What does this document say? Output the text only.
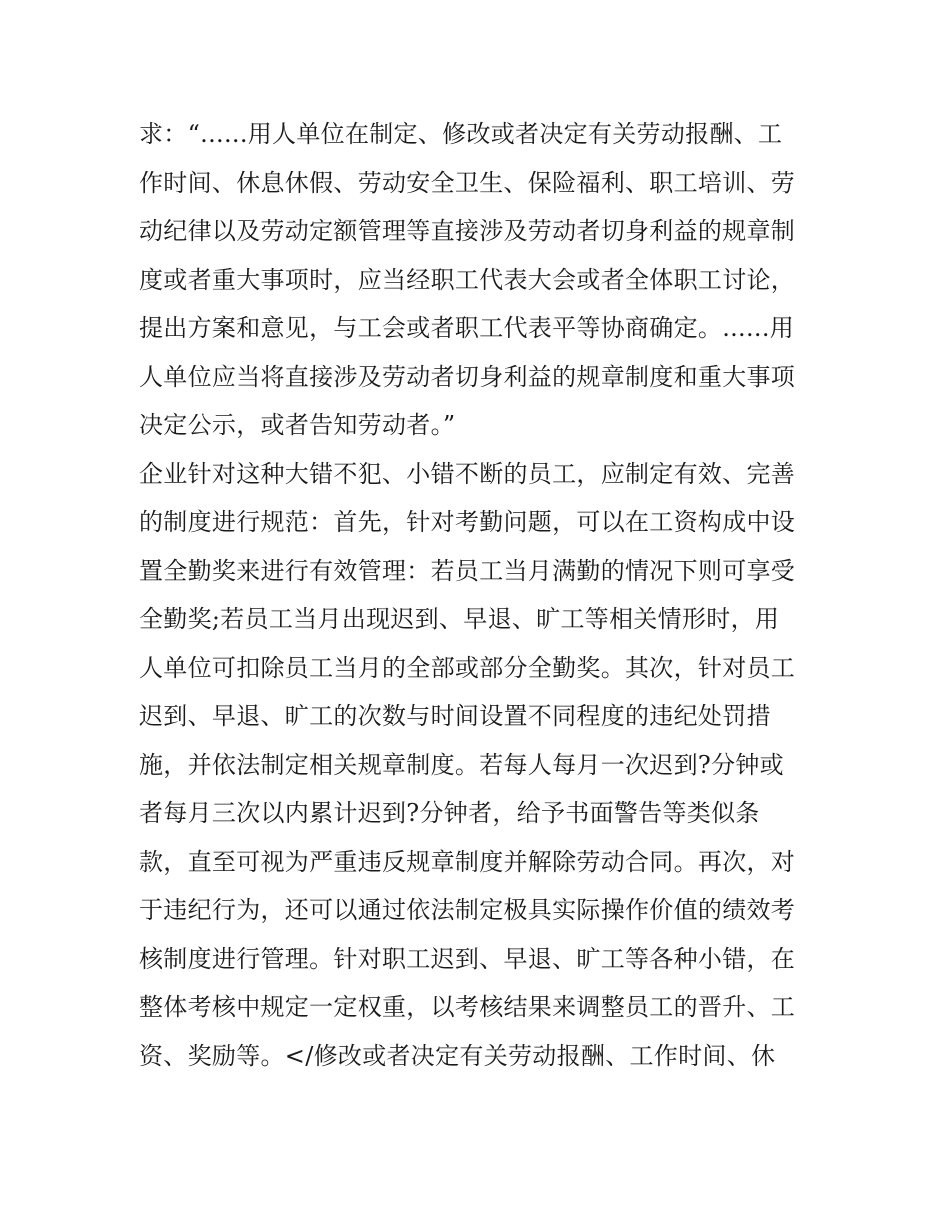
求：“......用人单位在制定、修改或者决定有关劳动报酬、工
作时间、休息休假、劳动安全卫生、保险福利、职工培训、劳
动纪律以及劳动定额管理等直接涉及劳动者切身利益的规章制
度或者重大事项时，应当经职工代表大会或者全体职工讨论，
提出方案和意见，与工会或者职工代表平等协商确定。......用
人单位应当将直接涉及劳动者切身利益的规章制度和重大事项
决定公示，或者告知劳动者。”
企业针对这种大错不犯、小错不断的员工，应制定有效、完善
的制度进行规范：首先，针对考勤问题，可以在工资构成中设
置全勤奖来进行有效管理：若员工当月满勤的情况下则可享受
全勤奖;若员工当月出现迟到、早退、旷工等相关情形时，用
人单位可扣除员工当月的全部或部分全勤奖。其次，针对员工
迟到、早退、旷工的次数与时间设置不同程度的违纪处罚措
施，并依法制定相关规章制度。若每人每月一次迟到?分钟或
者每月三次以内累计迟到?分钟者，给予书面警告等类似条
款，直至可视为严重违反规章制度并解除劳动合同。再次，对
于违纪行为，还可以通过依法制定极具实际操作价值的绩效考
核制度进行管理。针对职工迟到、早退、旷工等各种小错，在
整体考核中规定一定权重，以考核结果来调整员工的晋升、工
资、奖励等。</修改或者决定有关劳动报酬、工作时间、休
